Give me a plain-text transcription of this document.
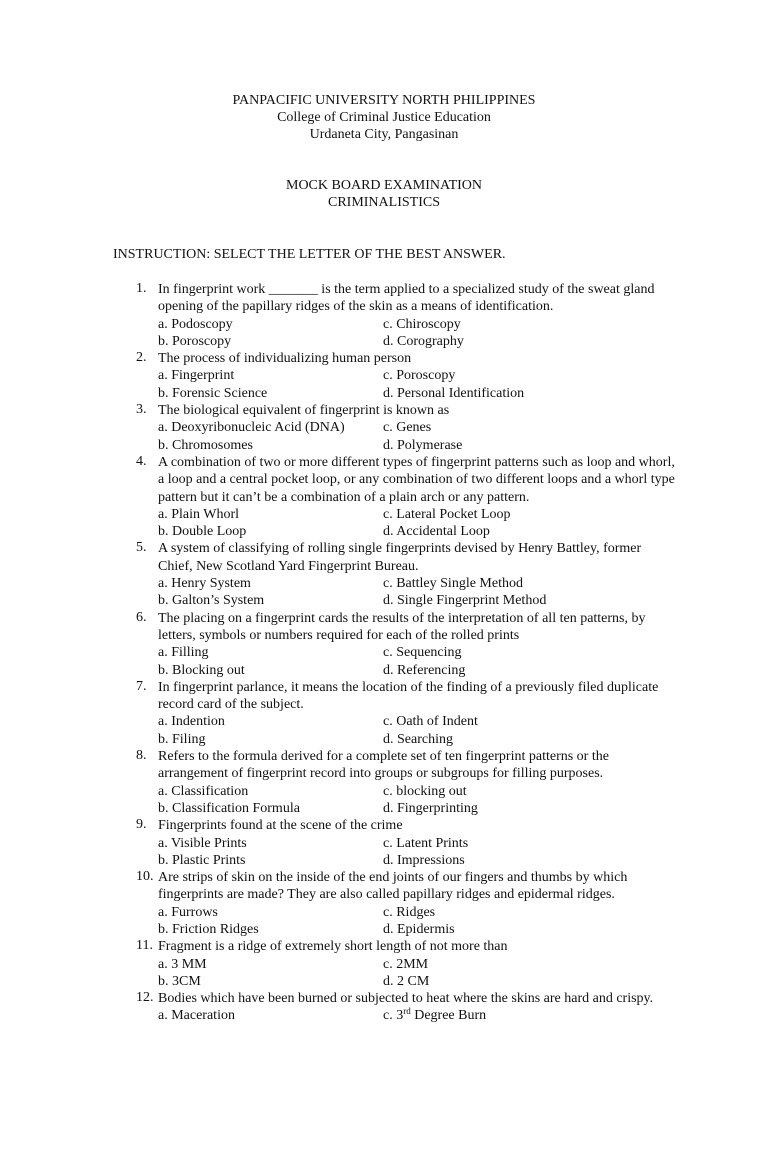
PANPACIFIC UNIVERSITY NORTH PHILIPPINES
College of Criminal Justice Education
Urdaneta City, Pangasinan
MOCK BOARD EXAMINATION
CRIMINALISTICS
INSTRUCTION: SELECT THE LETTER OF THE BEST ANSWER.
1. In fingerprint work _______ is the term applied to a specialized study of the sweat gland opening of the papillary ridges of the skin as a means of identification.
a. Podoscopy	c. Chiroscopy
b. Poroscopy	d. Corography
2. The process of individualizing human person
a. Fingerprint	c. Poroscopy
b. Forensic Science	d. Personal Identification
3. The biological equivalent of fingerprint is known as
a. Deoxyribonucleic Acid (DNA)	c. Genes
b. Chromosomes	d. Polymerase
4. A combination of two or more different types of fingerprint patterns such as loop and whorl, a loop and a central pocket loop, or any combination of two different loops and a whorl type pattern but it can’t be a combination of a plain arch or any pattern.
a. Plain Whorl	c. Lateral Pocket Loop
b. Double Loop	d. Accidental Loop
5. A system of classifying of rolling single fingerprints devised by Henry Battley, former Chief, New Scotland Yard Fingerprint Bureau.
a. Henry System	c. Battley Single Method
b. Galton’s System	d. Single Fingerprint Method
6. The placing on a fingerprint cards the results of the interpretation of all ten patterns, by letters, symbols or numbers required for each of the rolled prints
a. Filling	c. Sequencing
b. Blocking out	d. Referencing
7. In fingerprint parlance, it means the location of the finding of a previously filed duplicate record card of the subject.
a. Indention	c. Oath of Indent
b. Filing	d. Searching
8. Refers to the formula derived for a complete set of ten fingerprint patterns or the arrangement of fingerprint record into groups or subgroups for filling purposes.
a. Classification	c. blocking out
b. Classification Formula	d. Fingerprinting
9. Fingerprints found at the scene of the crime
a. Visible Prints	c. Latent Prints
b. Plastic Prints	d. Impressions
10. Are strips of skin on the inside of the end joints of our fingers and thumbs by which fingerprints are made? They are also called papillary ridges and epidermal ridges.
a. Furrows	c. Ridges
b. Friction Ridges	d. Epidermis
11. Fragment is a ridge of extremely short length of not more than
a. 3 MM	c. 2MM
b. 3CM	d. 2 CM
12. Bodies which have been burned or subjected to heat where the skins are hard and crispy.
a. Maceration	c. 3rd Degree Burn
